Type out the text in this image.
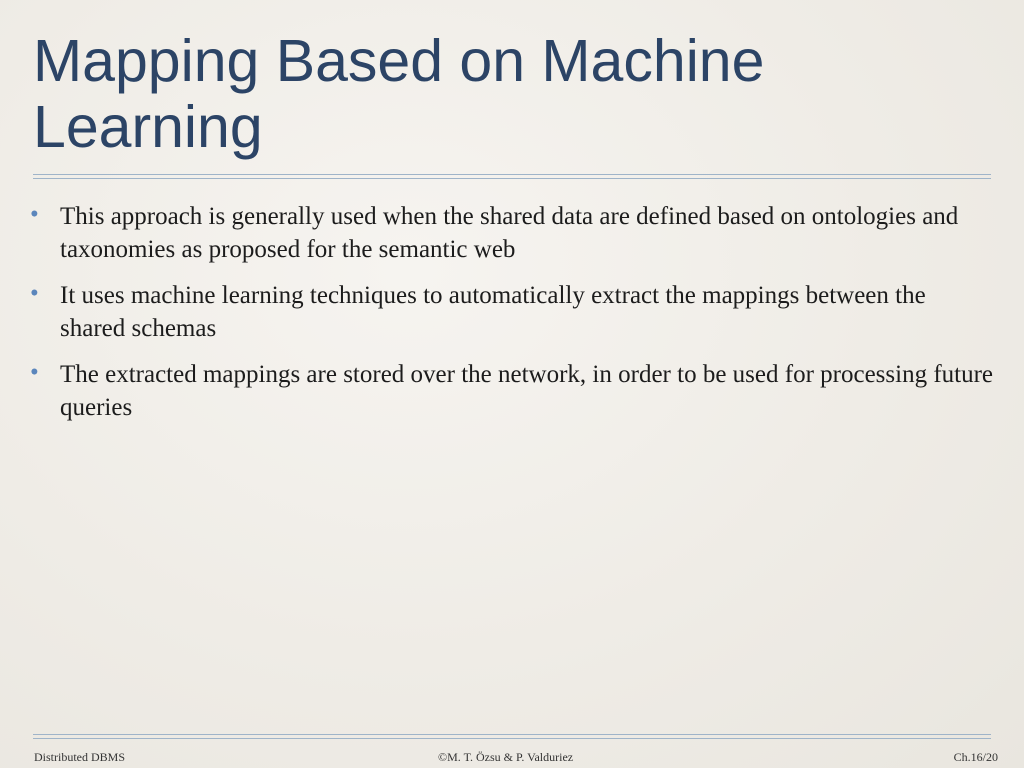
Mapping Based on Machine Learning
• This approach is generally used when the shared data are defined based on ontologies and taxonomies as proposed for the semantic web
• It uses machine learning techniques to automatically extract the mappings between the shared schemas
• The extracted mappings are stored over the network, in order to be used for processing future queries
Distributed DBMS	©M. T. Özsu & P. Valduriez	Ch.16/20
